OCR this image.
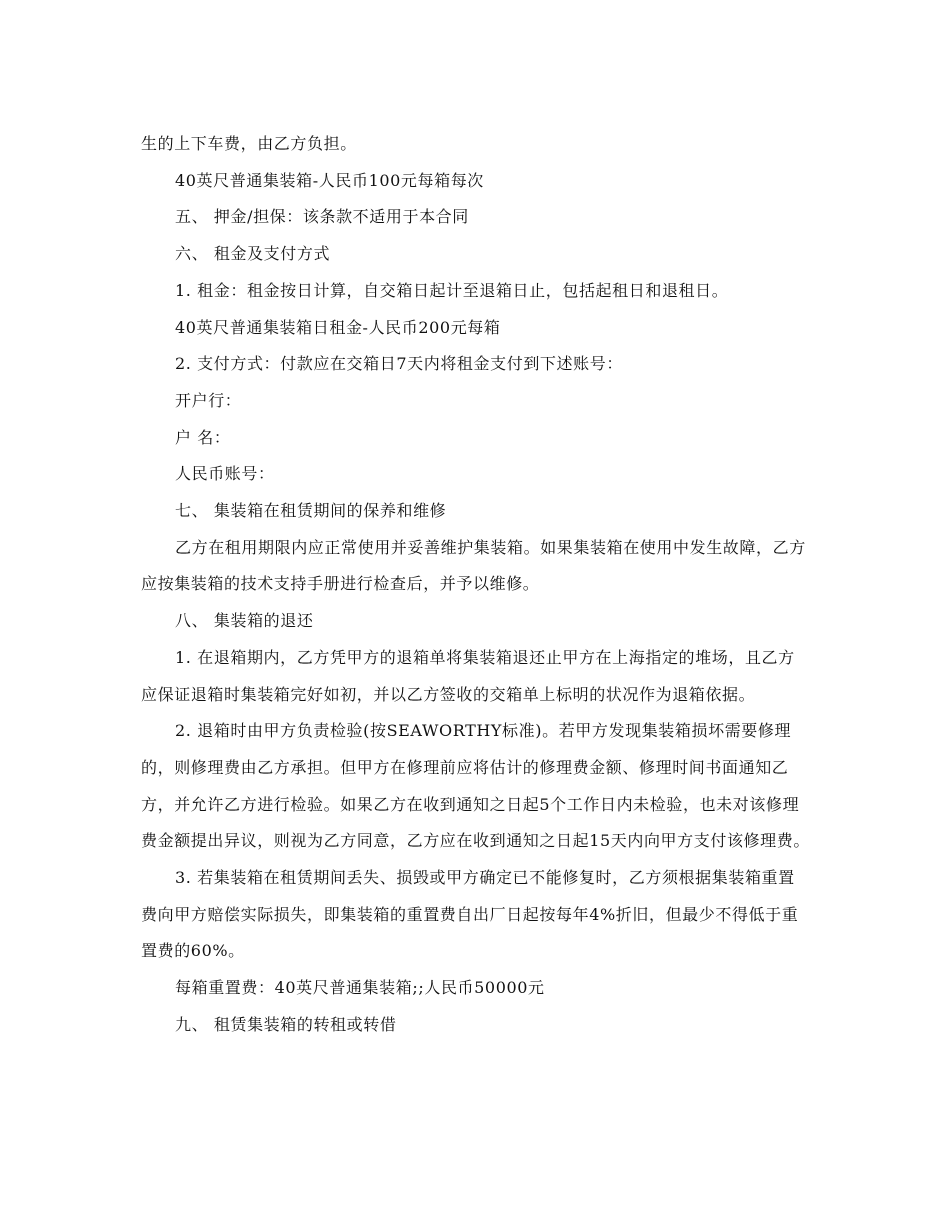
生的上下车费，由乙方负担。

40英尺普通集装箱-人民币100元每箱每次

五、 押金/担保：该条款不适用于本合同

六、 租金及支付方式

1. 租金：租金按日计算，自交箱日起计至退箱日止，包括起租日和退租日。

40英尺普通集装箱日租金-人民币200元每箱

2. 支付方式：付款应在交箱日7天内将租金支付到下述账号：

开户行：

户 名：

人民币账号：

七、 集装箱在租赁期间的保养和维修

乙方在租用期限内应正常使用并妥善维护集装箱。如果集装箱在使用中发生故障，乙方应按集装箱的技术支持手册进行检查后，并予以维修。

八、 集装箱的退还

1. 在退箱期内，乙方凭甲方的退箱单将集装箱退还止甲方在上海指定的堆场，且乙方应保证退箱时集装箱完好如初，并以乙方签收的交箱单上标明的状况作为退箱依据。

2. 退箱时由甲方负责检验(按SEAWORTHY标准)。若甲方发现集装箱损坏需要修理的，则修理费由乙方承担。但甲方在修理前应将估计的修理费金额、修理时间书面通知乙方，并允许乙方进行检验。如果乙方在收到通知之日起5个工作日内未检验，也未对该修理费金额提出异议，则视为乙方同意，乙方应在收到通知之日起15天内向甲方支付该修理费。

3. 若集装箱在租赁期间丢失、损毁或甲方确定已不能修复时，乙方须根据集装箱重置费向甲方赔偿实际损失，即集装箱的重置费自出厂日起按每年4%折旧，但最少不得低于重置费的60%。

每箱重置费：40英尺普通集装箱;;人民币50000元

九、 租赁集装箱的转租或转借
